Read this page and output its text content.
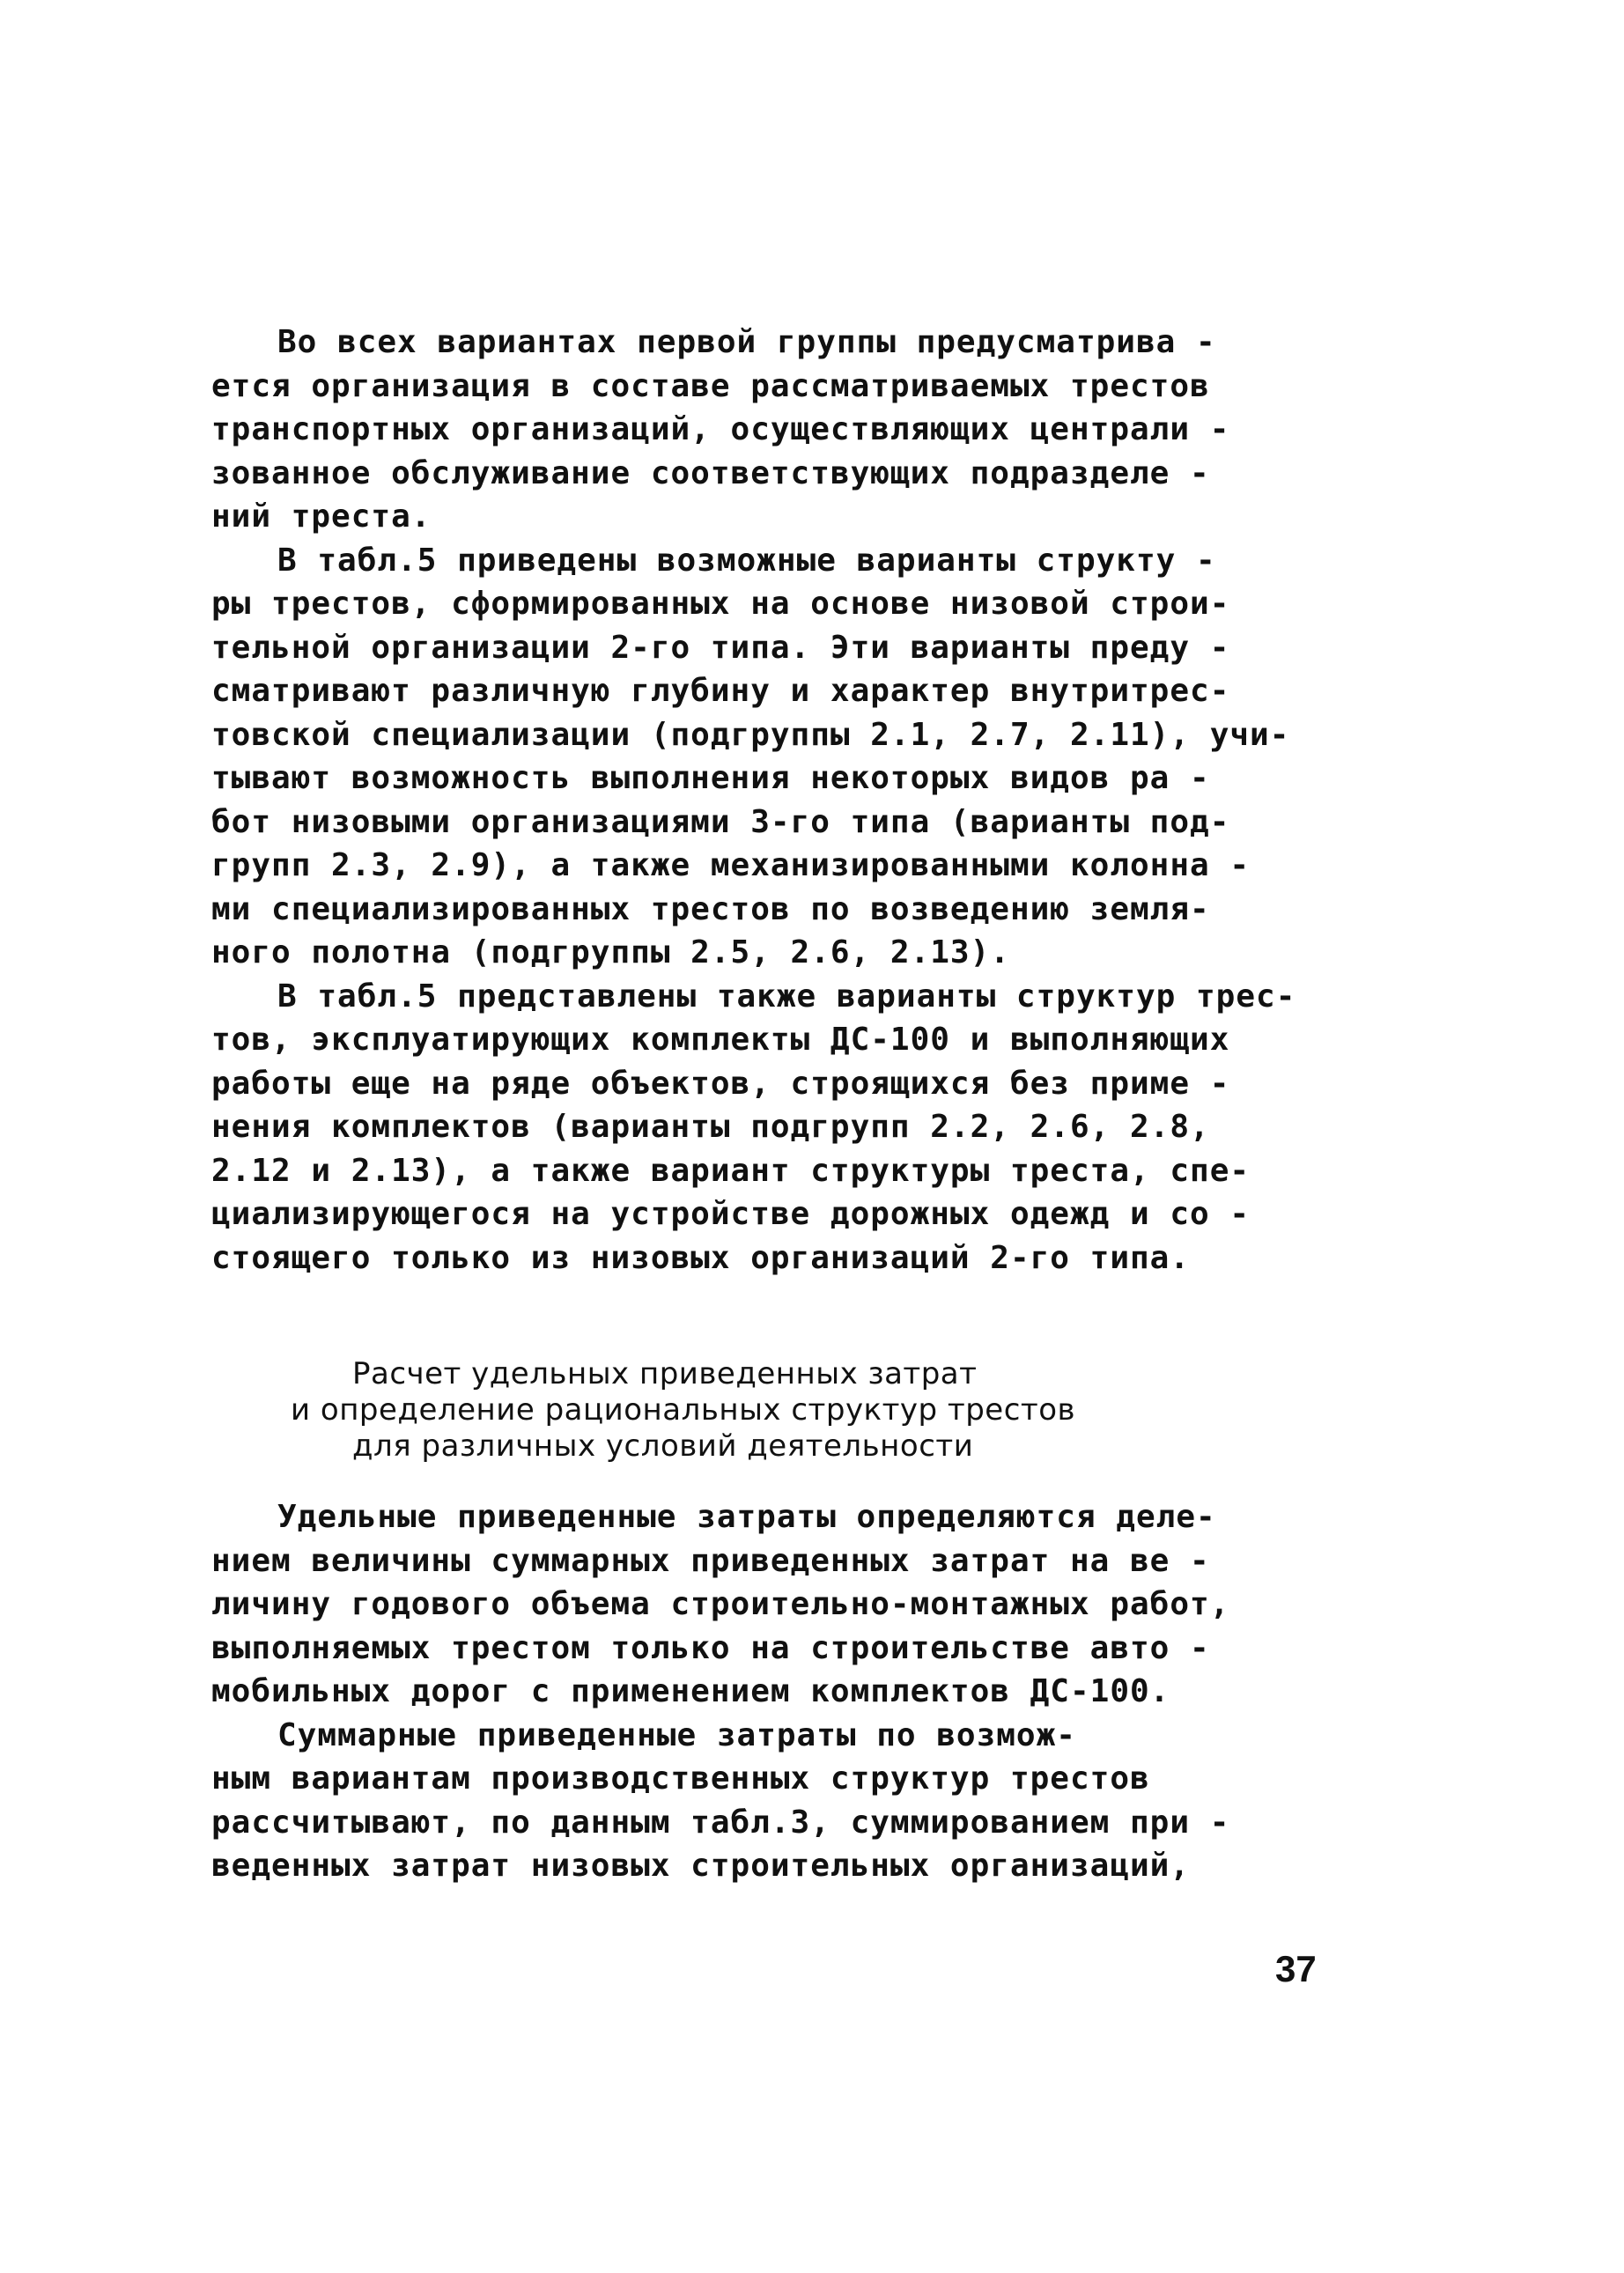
Во всех вариантах первой группы предусматрива -
ется организация в составе рассматриваемых трестов
транспортных организаций, осуществляющих централи -
зованное обслуживание соответствующих подразделе -
ний треста.
В табл.5 приведены возможные варианты структу -
ры трестов, сформированных на основе низовой строи-
тельной организации 2-го типа. Эти варианты преду -
сматривают различную глубину и характер внутритрес-
товской специализации (подгруппы 2.1, 2.7, 2.11), учи-
тывают возможность выполнения некоторых видов ра -
бот низовыми организациями 3-го типа (варианты под-
групп 2.3, 2.9), а также механизированными колонна -
ми специализированных трестов по возведению земля-
ного полотна (подгруппы 2.5, 2.6, 2.13).
В табл.5 представлены также варианты структур трес-
тов, эксплуатирующих комплекты ДС-100 и выполняющих
работы еще на ряде объектов, строящихся без приме -
нения комплектов (варианты подгрупп 2.2, 2.6, 2.8,
2.12 и 2.13), а также вариант структуры треста, спе-
циализирующегося на устройстве дорожных одежд и со -
стоящего только из низовых организаций 2-го типа.
Расчет удельных приведенных затрат
и определение рациональных структур трестов
для различных условий деятельности
Удельные приведенные затраты определяются деле-
нием величины суммарных приведенных затрат на ве -
личину годового объема строительно-монтажных работ,
выполняемых трестом только на строительстве авто -
мобильных дорог с применением комплектов ДС-100.
Суммарные приведенные затраты по возмож-
ным вариантам производственных структур трестов
рассчитывают, по данным табл.3, суммированием при -
веденных затрат низовых строительных организаций,
37
